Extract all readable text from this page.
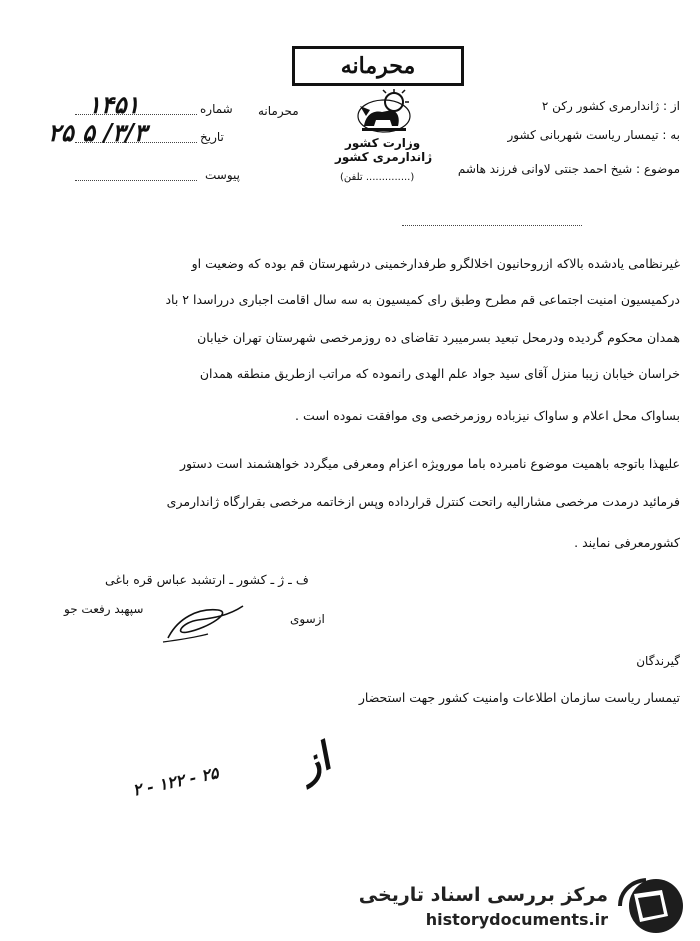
محرمانه
وزارت کشور
ژاندارمری کشور
(تلفن ..............)
محرمانه
شماره
۱۴۵۱
تاریخ
۲۵ ۵ /۳/۳
پیوست
از : ژاندارمری کشور رکن ۲
به : تیمسار ریاست شهربانی کشور
موضوع : شیخ احمد جنتی لاوانی فرزند هاشم
غیرنظامی یادشده بالاکه ازروحانیون اخلالگرو طرفدارخمینی درشهرستان قم بوده که وضعیت او
درکمیسیون امنیت اجتماعی قم مطرح وطبق رای کمیسیون به سه سال اقامت اجباری درراسدا ۲ باد
همدان محکوم گردیده ودرمحل تبعید بسرمیبرد تقاضای ده روزمرخصی شهرستان تهران خیابان
خراسان خیابان زیبا منزل آقای سید جواد علم الهدی رانموده که مراتب ازطریق منطقه همدان
بساواک محل اعلام و ساواک نیزباده روزمرخصی وی موافقت نموده است .
علیهذا باتوجه باهمیت موضوع نامبرده باما مورویژه اعزام ومعرفی میگردد خواهشمند است دستور
فرمائید درمدت مرخصی مشارالیه راتحت کنترل قرارداده وپس ازخاتمه مرخصی بقرارگاه ژاندارمری
کشورمعرفی نمایند .
ف ـ ژ ـ کشور ـ ارتشبد عباس قره باغی
سپهبد رفعت جو
ازسوی
گیرندگان
تیمسار ریاست سازمان اطلاعات وامنیت کشور جهت استحضار
از
۲ - ۱۲۲ - ۲۵
مرکز بررسی اسناد تاریخی
historydocuments.ir
